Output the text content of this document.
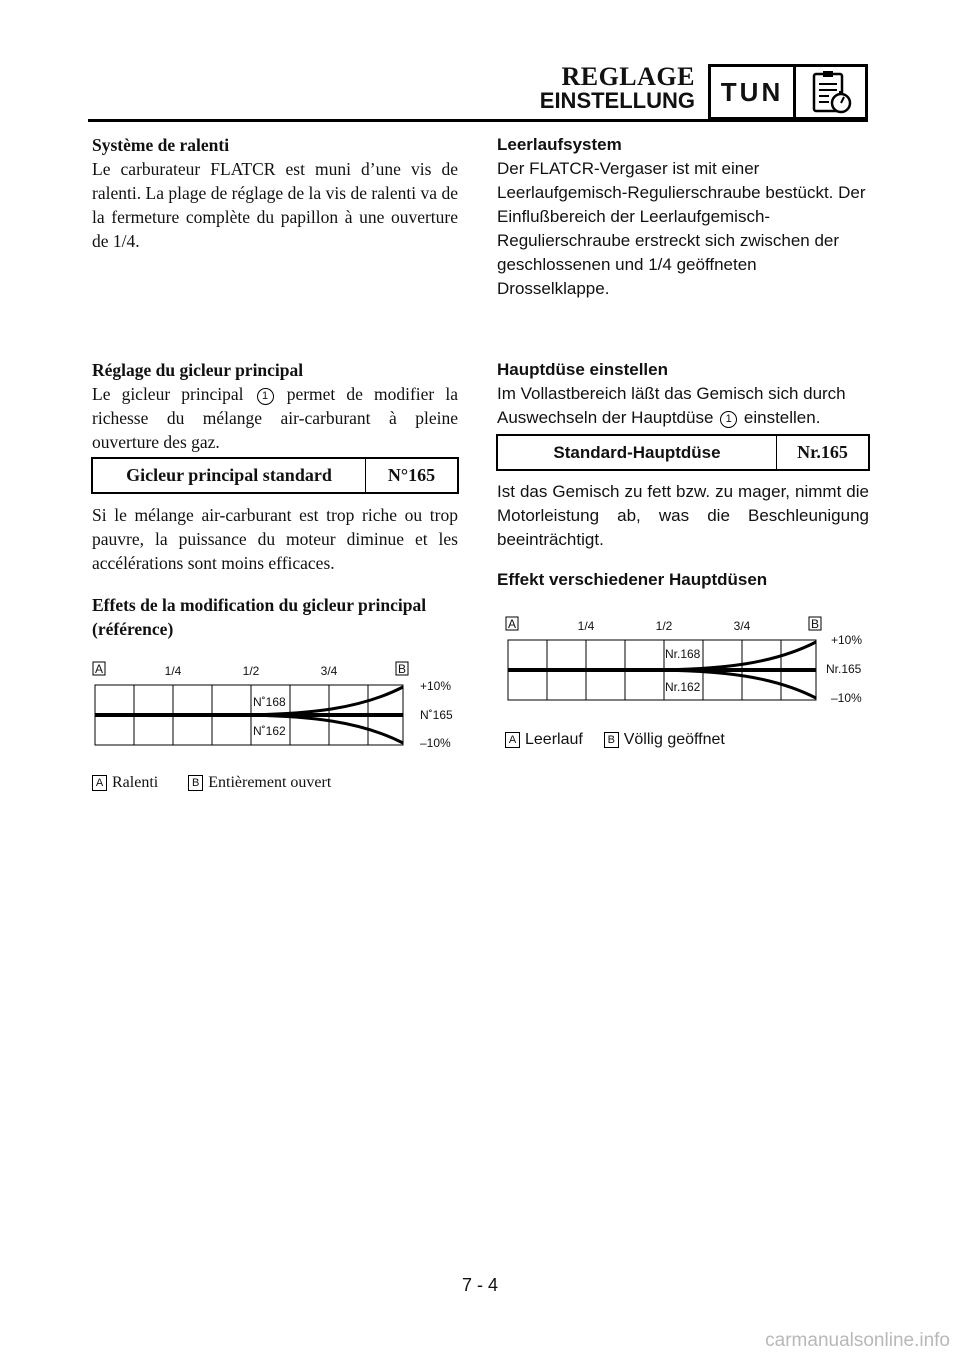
REGLAGE
EINSTELLUNG TUN

Système de ralenti

Le carburateur FLATCR est muni d’une vis de ralenti. La plage de réglage de la vis de ralenti va de la fermeture complète du papillon à une ouverture de 1/4.

Réglage du gicleur principal

Le gicleur principal 1 permet de modifier la richesse du mélange air-carburant à pleine ouverture des gaz.

Gicleur principal standard	N°165

Si le mélange air-carburant est trop riche ou trop pauvre, la puissance du moteur diminue et les accélérations sont moins efficaces.

Effets de la modification du gicleur principal

(référence)

A	B
1/4	1/2	3/4
N˚168
N˚162
+10%
N˚165
–10%
A Ralenti	B Entièrement ouvert

Leerlaufsystem

Der FLATCR-Vergaser ist mit einer Leerlaufgemisch-Regulierschraube bestückt. Der Einflußbereich der Leerlaufgemisch-Regulierschraube erstreckt sich zwischen der geschlossenen und 1/4 geöffneten Drosselklappe.

Hauptdüse einstellen

Im Vollastbereich läßt das Gemisch sich durch Auswechseln der Hauptdüse 1 einstellen.

Standard-Hauptdüse	Nr.165

Ist das Gemisch zu fett bzw. zu mager, nimmt die Motorleistung ab, was die Beschleunigung beeinträchtigt.

Effekt verschiedener Hauptdüsen

A	B
1/4	1/2	3/4
Nr.168
Nr.162
+10%
Nr.165
–10%
A Leerlauf B Völlig geöffnet
7 - 4
carmanualsonline.info
